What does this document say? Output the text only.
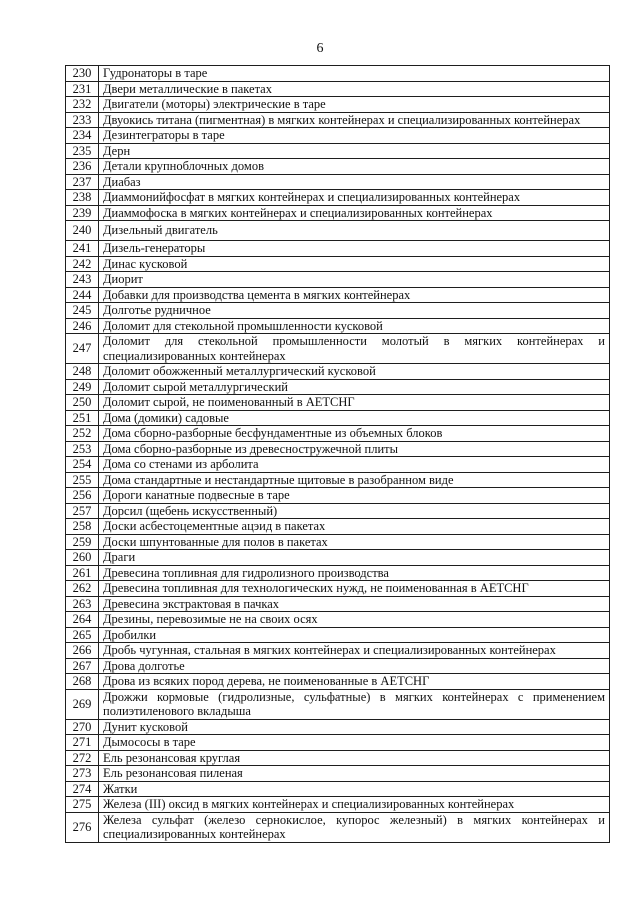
6
230	Гудронаторы в таре
231	Двери металлические в пакетах
232	Двигатели (моторы) электрические в таре
233	Двуокись титана (пигментная) в мягких контейнерах и специализированных контейнерах
234	Дезинтеграторы в таре
235	Дерн
236	Детали крупноблочных домов
237	Диабаз
238	Диаммонийфосфат в мягких контейнерах и специализированных контейнерах
239	Диаммофоска в мягких контейнерах и специализированных контейнерах
240	Дизельный двигатель
241	Дизель-генераторы
242	Динас кусковой
243	Диорит
244	Добавки для производства цемента в мягких контейнерах
245	Долготье рудничное
246	Доломит для стекольной промышленности кусковой
247	Доломит для стекольной промышленности молотый в мягких контейнерах и специализированных контейнерах
248	Доломит обожженный металлургический кусковой
249	Доломит сырой металлургический
250	Доломит сырой, не поименованный в АЕТСНГ
251	Дома (домики) садовые
252	Дома сборно-разборные бесфундаментные из объемных блоков
253	Дома сборно-разборные из древесностружечной плиты
254	Дома со стенами из арболита
255	Дома стандартные и нестандартные щитовые в разобранном виде
256	Дороги канатные подвесные в таре
257	Дорсил (щебень искусственный)
258	Доски асбестоцементные ацэид в пакетах
259	Доски шпунтованные для полов в пакетах
260	Драги
261	Древесина топливная для гидролизного производства
262	Древесина топливная для технологических нужд, не поименованная в АЕТСНГ
263	Древесина экстрактовая в пачках
264	Дрезины, перевозимые не на своих осях
265	Дробилки
266	Дробь чугунная, стальная в мягких контейнерах и специализированных контейнерах
267	Дрова долготье
268	Дрова из всяких пород дерева, не поименованные в АЕТСНГ
269	Дрожжи кормовые (гидролизные, сульфатные) в мягких контейнерах с применением полиэтиленового вкладыша
270	Дунит кусковой
271	Дымососы в таре
272	Ель резонансовая круглая
273	Ель резонансовая пиленая
274	Жатки
275	Железа (III) оксид в мягких контейнерах и специализированных контейнерах
276	Железа сульфат (железо сернокислое, купорос железный) в мягких контейнерах и специализированных контейнерах
